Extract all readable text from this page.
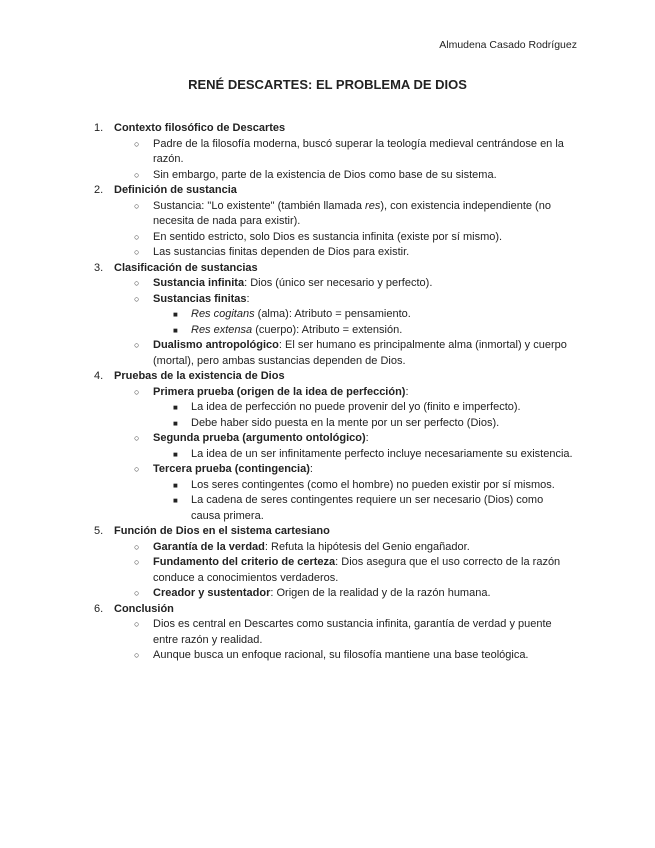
Almudena Casado Rodríguez
RENÉ DESCARTES: EL PROBLEMA DE DIOS
1. Contexto filosófico de Descartes
○ Padre de la filosofía moderna, buscó superar la teología medieval centrándose en la razón.
○ Sin embargo, parte de la existencia de Dios como base de su sistema.
2. Definición de sustancia
○ Sustancia: "Lo existente" (también llamada res), con existencia independiente (no necesita de nada para existir).
○ En sentido estricto, solo Dios es sustancia infinita (existe por sí mismo).
○ Las sustancias finitas dependen de Dios para existir.
3. Clasificación de sustancias
○ Sustancia infinita: Dios (único ser necesario y perfecto).
○ Sustancias finitas:
■ Res cogitans (alma): Atributo = pensamiento.
■ Res extensa (cuerpo): Atributo = extensión.
○ Dualismo antropológico: El ser humano es principalmente alma (inmortal) y cuerpo (mortal), pero ambas sustancias dependen de Dios.
4. Pruebas de la existencia de Dios
○ Primera prueba (origen de la idea de perfección):
■ La idea de perfección no puede provenir del yo (finito e imperfecto).
■ Debe haber sido puesta en la mente por un ser perfecto (Dios).
○ Segunda prueba (argumento ontológico):
■ La idea de un ser infinitamente perfecto incluye necesariamente su existencia.
○ Tercera prueba (contingencia):
■ Los seres contingentes (como el hombre) no pueden existir por sí mismos.
■ La cadena de seres contingentes requiere un ser necesario (Dios) como causa primera.
5. Función de Dios en el sistema cartesiano
○ Garantía de la verdad: Refuta la hipótesis del Genio engañador.
○ Fundamento del criterio de certeza: Dios asegura que el uso correcto de la razón conduce a conocimientos verdaderos.
○ Creador y sustentador: Origen de la realidad y de la razón humana.
6. Conclusión
○ Dios es central en Descartes como sustancia infinita, garantía de verdad y puente entre razón y realidad.
○ Aunque busca un enfoque racional, su filosofía mantiene una base teológica.
